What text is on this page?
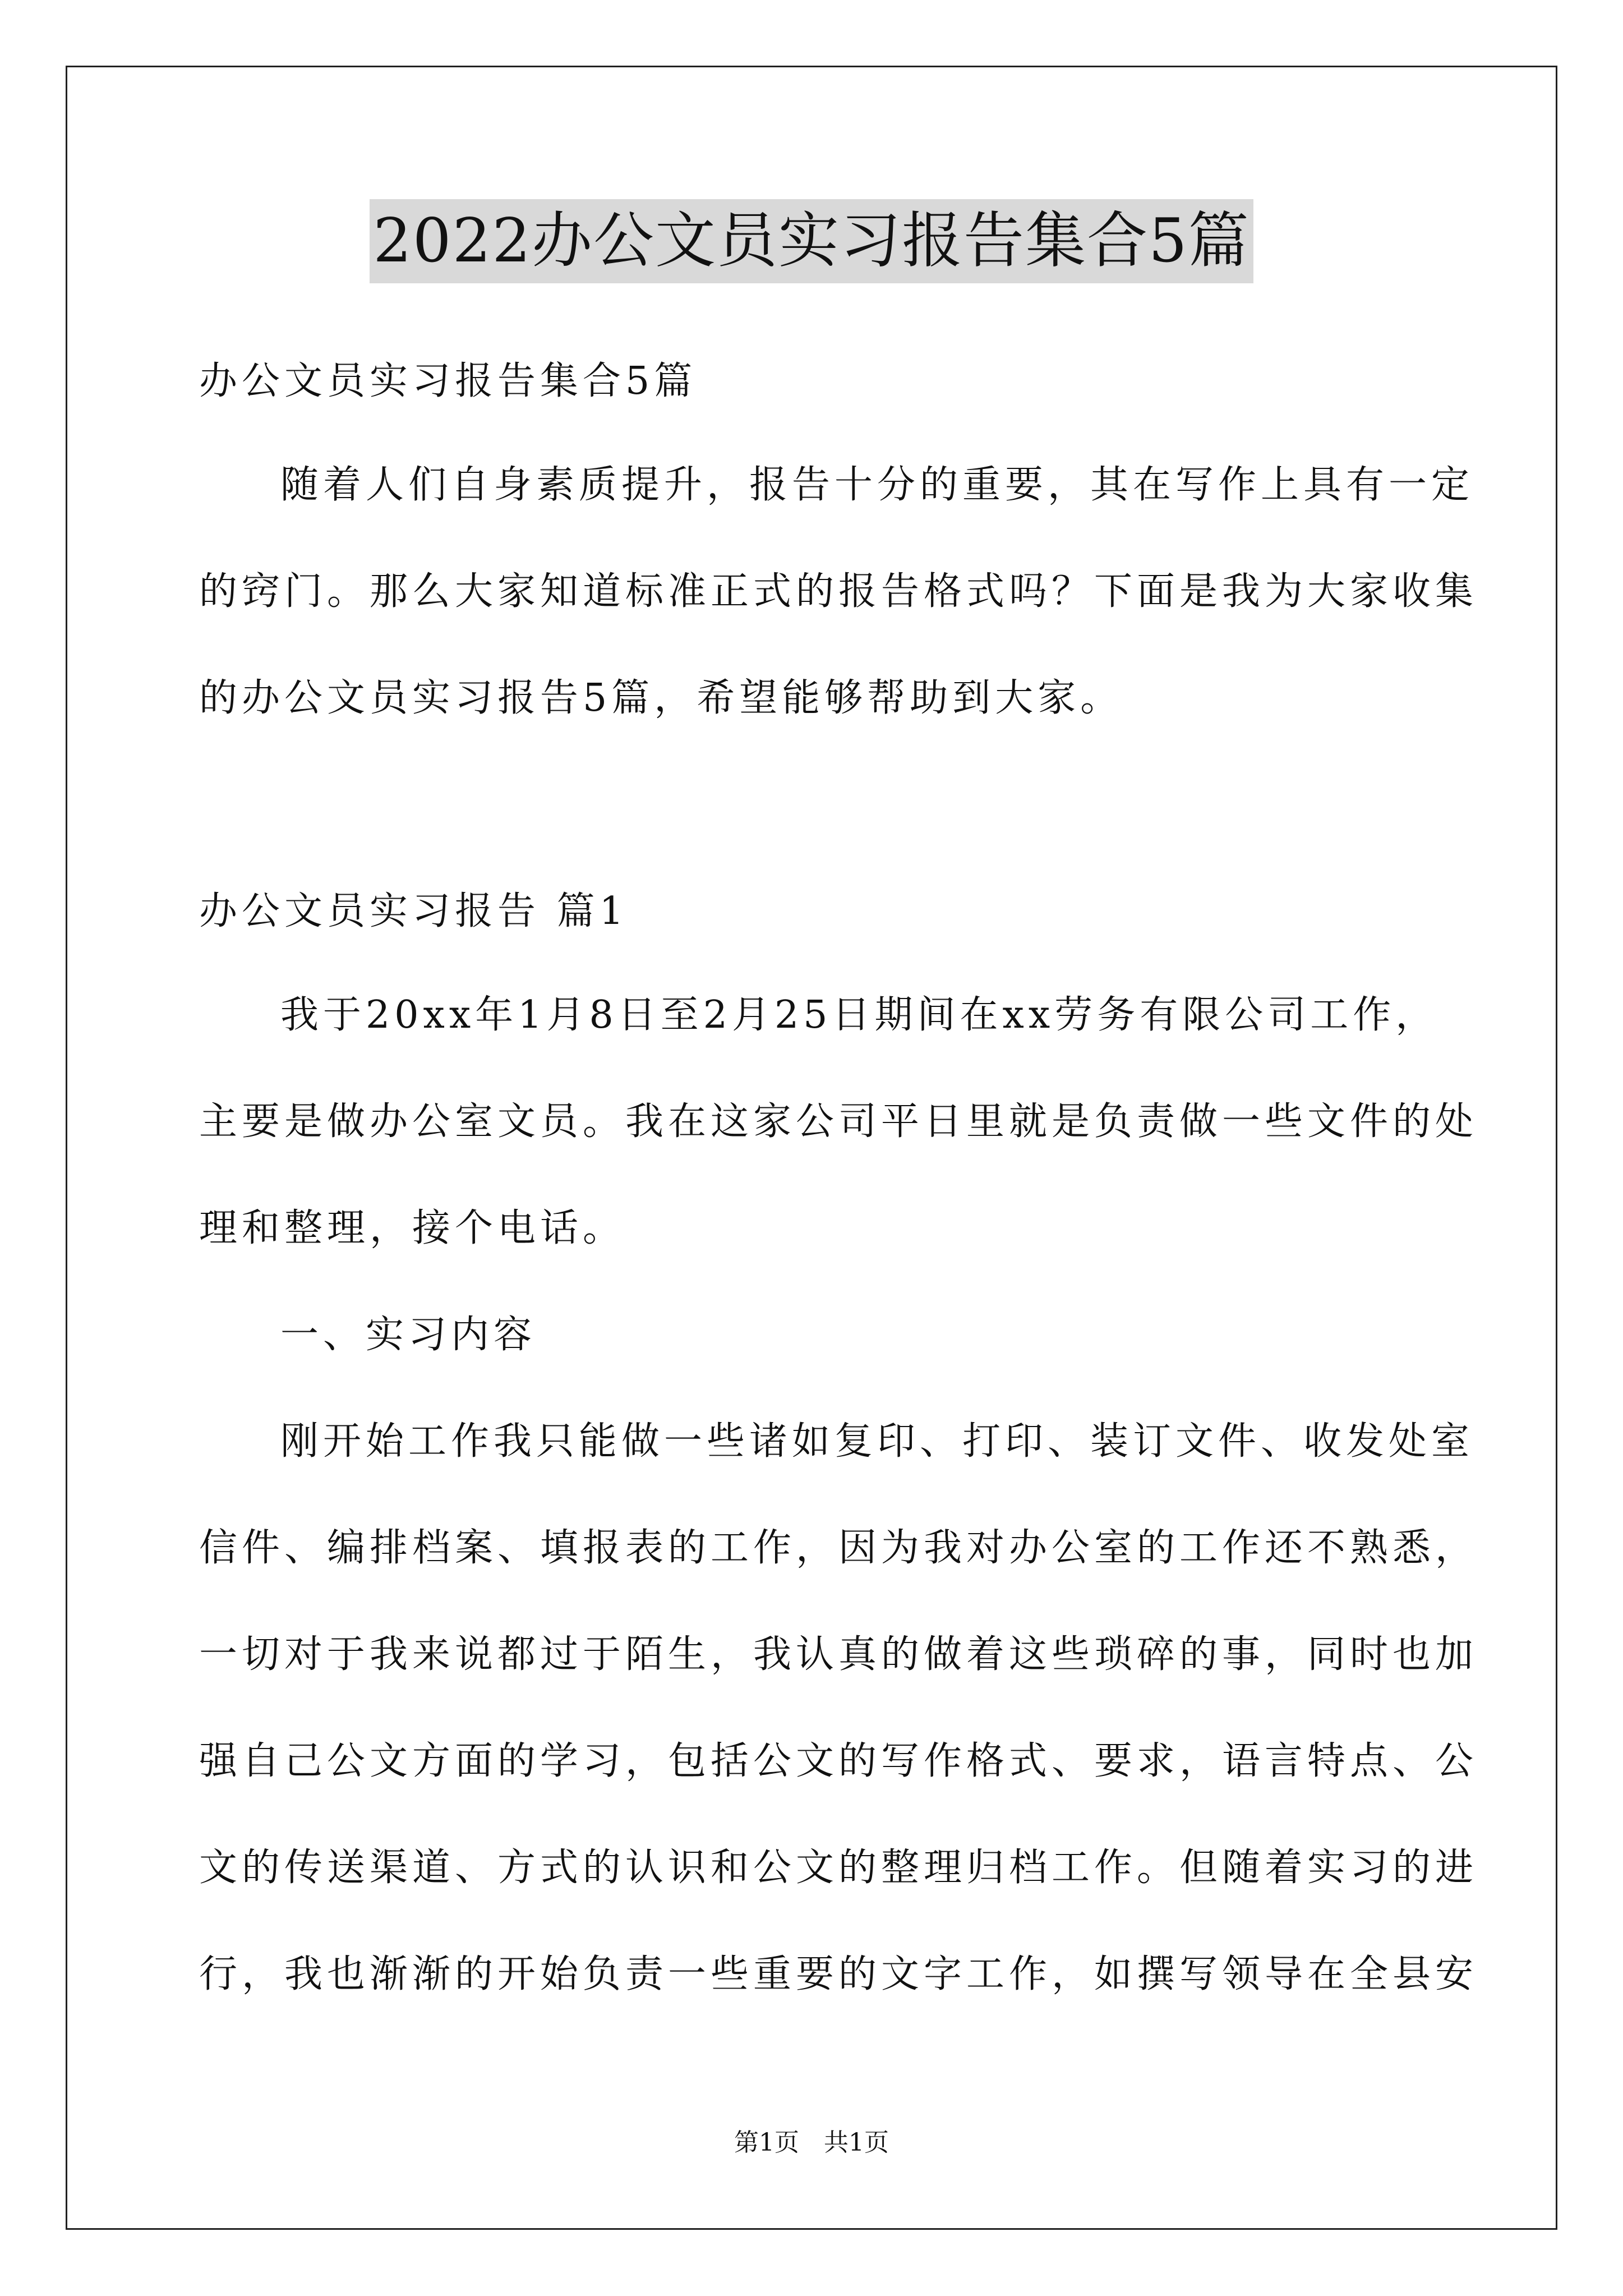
2022办公文员实习报告集合5篇
办公文员实习报告集合5篇
随着人们自身素质提升，报告十分的重要，其在写作上具有一定
的窍门。那么大家知道标准正式的报告格式吗？下面是我为大家收集
的办公文员实习报告5篇，希望能够帮助到大家。
办公文员实习报告 篇1
我于20xx年1月8日至2月25日期间在xx劳务有限公司工作，
主要是做办公室文员。我在这家公司平日里就是负责做一些文件的处
理和整理，接个电话。
一、实习内容
刚开始工作我只能做一些诸如复印、打印、装订文件、收发处室
信件、编排档案、填报表的工作，因为我对办公室的工作还不熟悉，
一切对于我来说都过于陌生，我认真的做着这些琐碎的事，同时也加
强自己公文方面的学习，包括公文的写作格式、要求，语言特点、公
文的传送渠道、方式的认识和公文的整理归档工作。但随着实习的进
行，我也渐渐的开始负责一些重要的文字工作，如撰写领导在全县安
第1页　共1页
